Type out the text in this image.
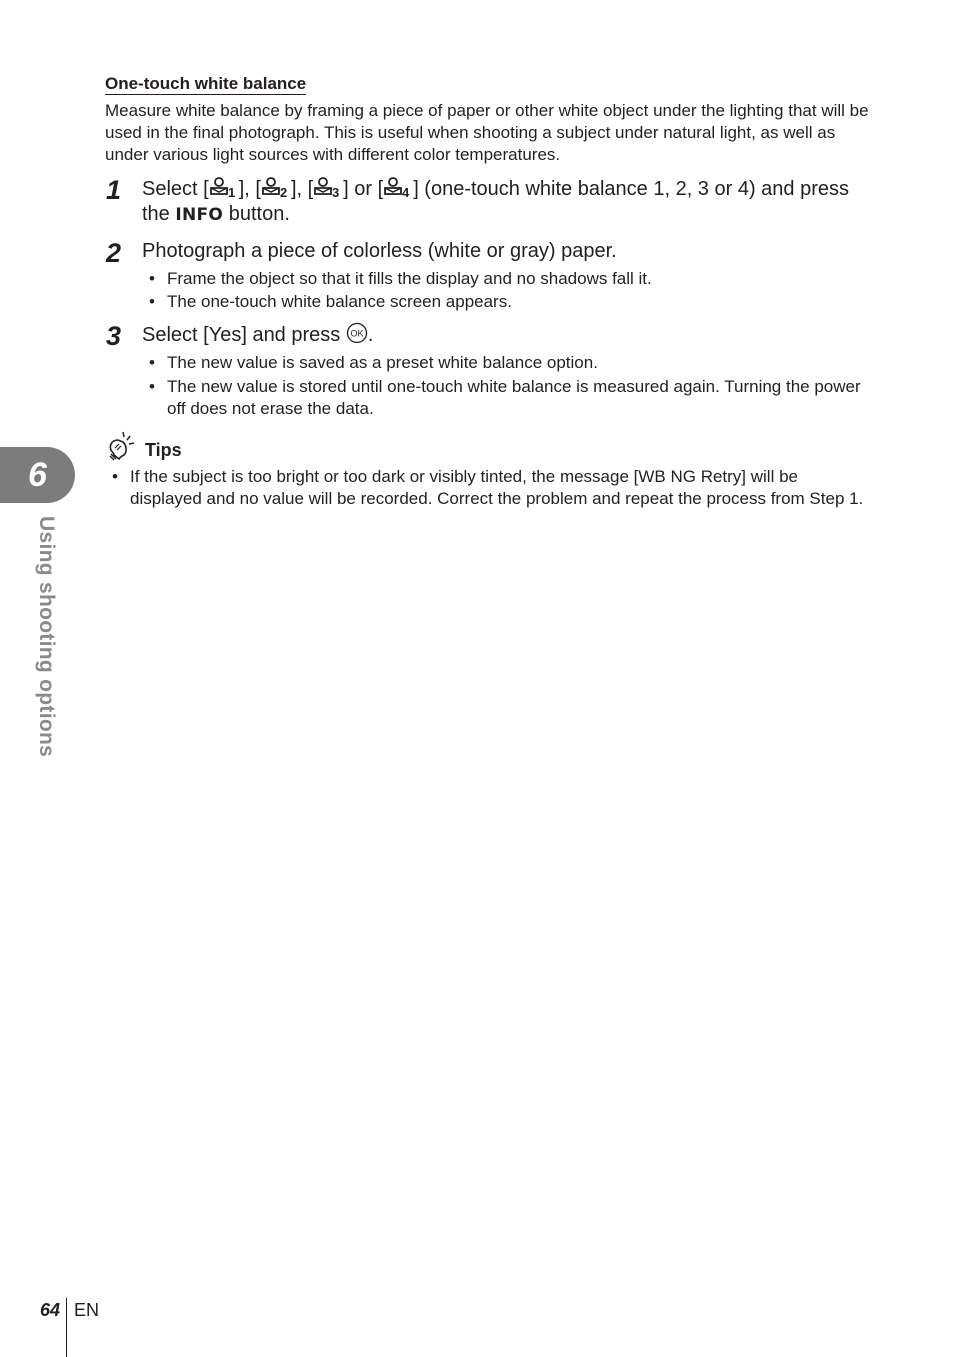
6
Using shooting options
One-touch white balance
Measure white balance by framing a piece of paper or other white object under the lighting that will be used in the final photograph. This is useful when shooting a subject under natural light, as well as under various light sources with different color temperatures.
1	Select [ 1 ], [ 2 ], [ 3 ] or [ 4 ] (one-touch white balance 1, 2, 3 or 4) and press the INFO button.
2	Photograph a piece of colorless (white or gray) paper.
• Frame the object so that it fills the display and no shadows fall it.
• The one-touch white balance screen appears.
3	Select [Yes] and press OK .
• The new value is saved as a preset white balance option.
• The new value is stored until one-touch white balance is measured again. Turning the power off does not erase the data.
Tips
• If the subject is too bright or too dark or visibly tinted, the message [WB NG Retry] will be displayed and no value will be recorded. Correct the problem and repeat the process from Step 1.
64 EN
